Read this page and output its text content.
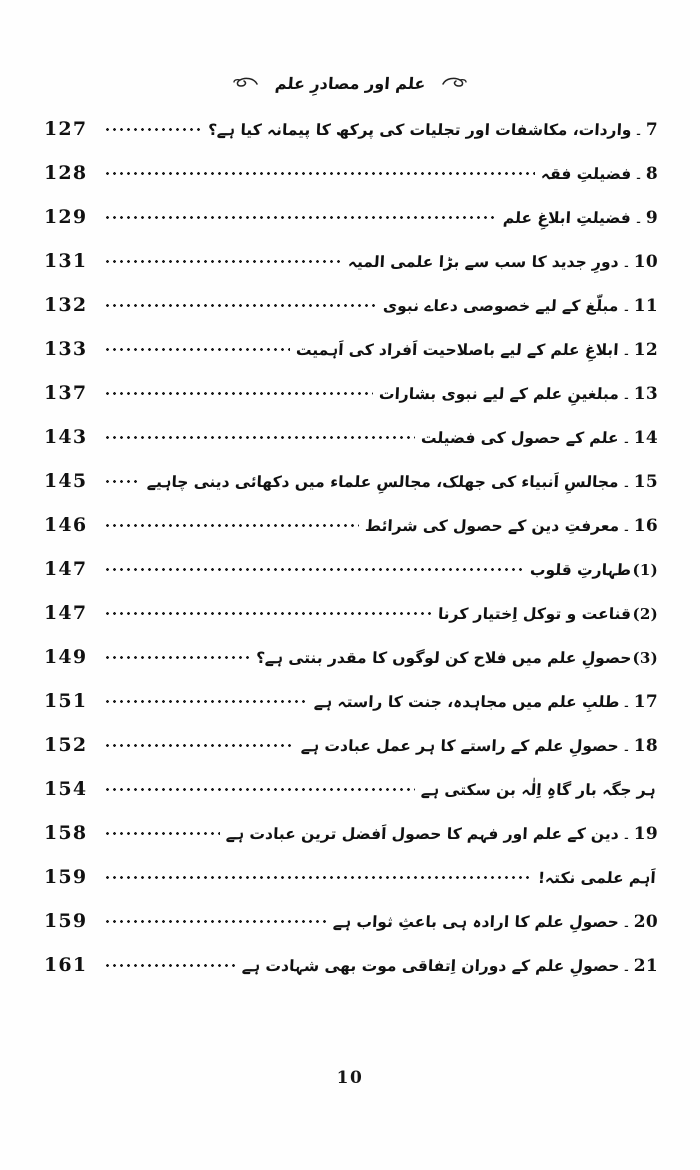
علم اور مصادرِ علم
7
۔
واردات، مکاشفات اور تجلیات کی پرکھ کا پیمانہ کیا ہے؟
127
8
۔
فضیلتِ فقہ
128
9
۔
فضیلتِ ابلاغِ علم
129
10
۔
دورِ جدید کا سب سے بڑا علمی المیہ
131
11
۔
مبلّغ کے لیے خصوصی دعاے نبوی
132
12
۔
ابلاغِ علم کے لیے باصلاحیت اَفراد کی اَہمیت
133
13
۔
مبلغینِ علم کے لیے نبوی بشارات
137
14
۔
علم کے حصول کی فضیلت
143
15
۔
مجالسِ اَنبیاء کی جھلک، مجالسِ علماء میں دکھائی دینی چاہیے
145
16
۔
معرفتِ دین کے حصول کی شرائط
146
(1)
طہارتِ قلوب
147
(2)
قناعت و توکل اِختیار کرنا
147
(3)
حصولِ علم میں فلاح کن لوگوں کا مقدر بنتی ہے؟
149
17
۔
طلبِ علم میں مجاہدہ، جنت کا راستہ ہے
151
18
۔
حصولِ علم کے راستے کا ہر عمل عبادت ہے
152
ہر جگہ بار گاہِ اِلٰہ بن سکتی ہے
154
19
۔
دین کے علم اور فہم کا حصول اَفضل ترین عبادت ہے
158
اَہم علمی نکتہ!
159
20
۔
حصولِ علم کا ارادہ ہی باعثِ ثواب ہے
159
21
۔
حصولِ علم کے دوران اِتفاقی موت بھی شہادت ہے
161
10
